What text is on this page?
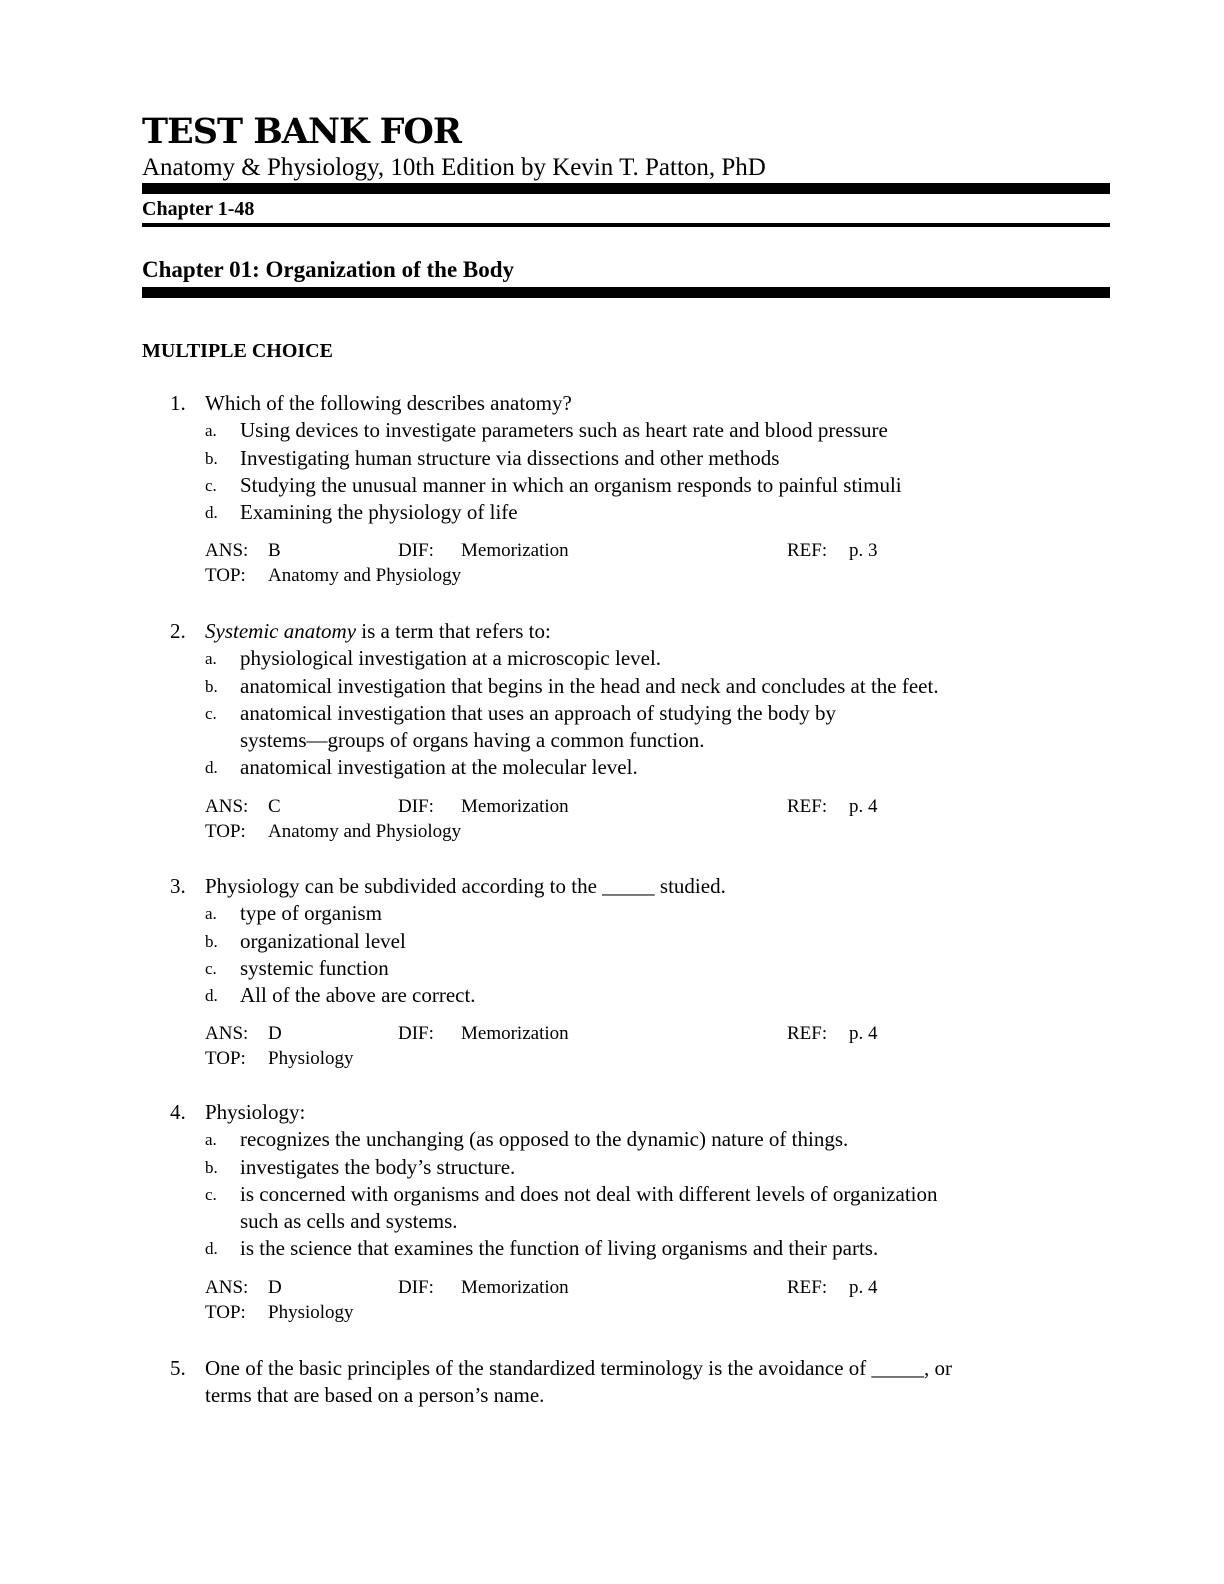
TEST BANK FOR
Anatomy & Physiology, 10th Edition by Kevin T. Patton, PhD
Chapter 1-48
Chapter 01: Organization of the Body
MULTIPLE CHOICE
1. Which of the following describes anatomy?
a. Using devices to investigate parameters such as heart rate and blood pressure
b. Investigating human structure via dissections and other methods
c. Studying the unusual manner in which an organism responds to painful stimuli
d. Examining the physiology of life
ANS: B	DIF: Memorization	REF: p. 3
TOP: Anatomy and Physiology
2. Systemic anatomy is a term that refers to:
a. physiological investigation at a microscopic level.
b. anatomical investigation that begins in the head and neck and concludes at the feet.
c. anatomical investigation that uses an approach of studying the body by
systems—groups of organs having a common function.
d. anatomical investigation at the molecular level.
ANS: C	DIF: Memorization	REF: p. 4
TOP: Anatomy and Physiology
3. Physiology can be subdivided according to the _____ studied.
a. type of organism
b. organizational level
c. systemic function
d. All of the above are correct.
ANS: D	DIF: Memorization	REF: p. 4
TOP: Physiology
4. Physiology:
a. recognizes the unchanging (as opposed to the dynamic) nature of things.
b. investigates the body’s structure.
c. is concerned with organisms and does not deal with different levels of organization
such as cells and systems.
d. is the science that examines the function of living organisms and their parts.
ANS: D	DIF: Memorization	REF: p. 4
TOP: Physiology
5. One of the basic principles of the standardized terminology is the avoidance of _____, or
terms that are based on a person’s name.
